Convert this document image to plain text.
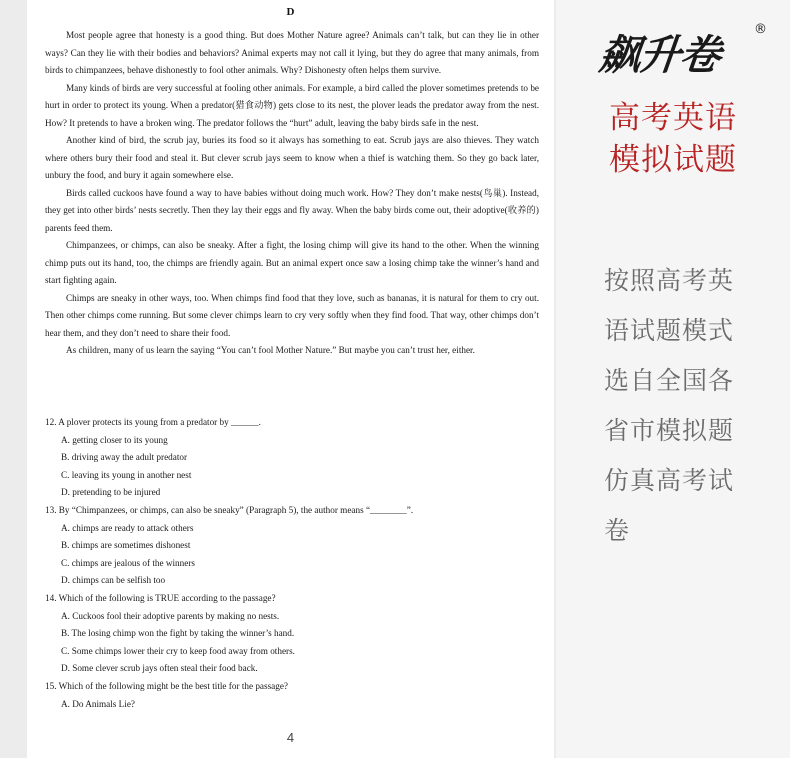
D

Most people agree that honesty is a good thing. But does Mother Nature agree? Animals can’t talk, but can they lie in other ways? Can they lie with their bodies and behaviors? Animal experts may not call it lying, but they do agree that many animals, from birds to chimpanzees, behave dishonestly to fool other animals. Why? Dishonesty often helps them survive.

Many kinds of birds are very successful at fooling other animals. For example, a bird called the plover sometimes pretends to be hurt in order to protect its young. When a predator(猎食动物) gets close to its nest, the plover leads the predator away from the nest. How? It pretends to have a broken wing. The predator follows the “hurt” adult, leaving the baby birds safe in the nest.

Another kind of bird, the scrub jay, buries its food so it always has something to eat. Scrub jays are also thieves. They watch where others bury their food and steal it. But clever scrub jays seem to know when a thief is watching them. So they go back later, unbury the food, and bury it again somewhere else.

Birds called cuckoos have found a way to have babies without doing much work. How? They don’t make nests(鸟巢). Instead, they get into other birds’ nests secretly. Then they lay their eggs and fly away. When the baby birds come out, their adoptive(收养的) parents feed them.

Chimpanzees, or chimps, can also be sneaky. After a fight, the losing chimp will give its hand to the other. When the winning chimp puts out its hand, too, the chimps are friendly again. But an animal expert once saw a losing chimp take the winner’s hand and start fighting again.

Chimps are sneaky in other ways, too. When chimps find food that they love, such as bananas, it is natural for them to cry out. Then other chimps come running. But some clever chimps learn to cry very softly when they find food. That way, other chimps don’t hear them, and they don’t need to share their food.

As children, many of us learn the saying “You can’t fool Mother Nature.” But maybe you can’t trust her, either.

12. A plover protects its young from a predator by ______.

A. getting closer to its young

B. driving away the adult predator

C. leaving its young in another nest

D. pretending to be injured

13. By “Chimpanzees, or chimps, can also be sneaky” (Paragraph 5), the author means “________”.

A. chimps are ready to attack others

B. chimps are sometimes dishonest

C. chimps are jealous of the winners

D. chimps can be selfish too

14. Which of the following is TRUE according to the passage?

A. Cuckoos fool their adoptive parents by making no nests.

B. The losing chimp won the fight by taking the winner’s hand.

C. Some chimps lower their cry to keep food away from others.

D. Some clever scrub jays often steal their food back.

15. Which of the following might be the best title for the passage?

A. Do Animals Lie?

4
飙升卷
®
高考英语
模拟试题
按照高考英
语试题模式
选自全国各
省市模拟题
仿真高考试
卷
